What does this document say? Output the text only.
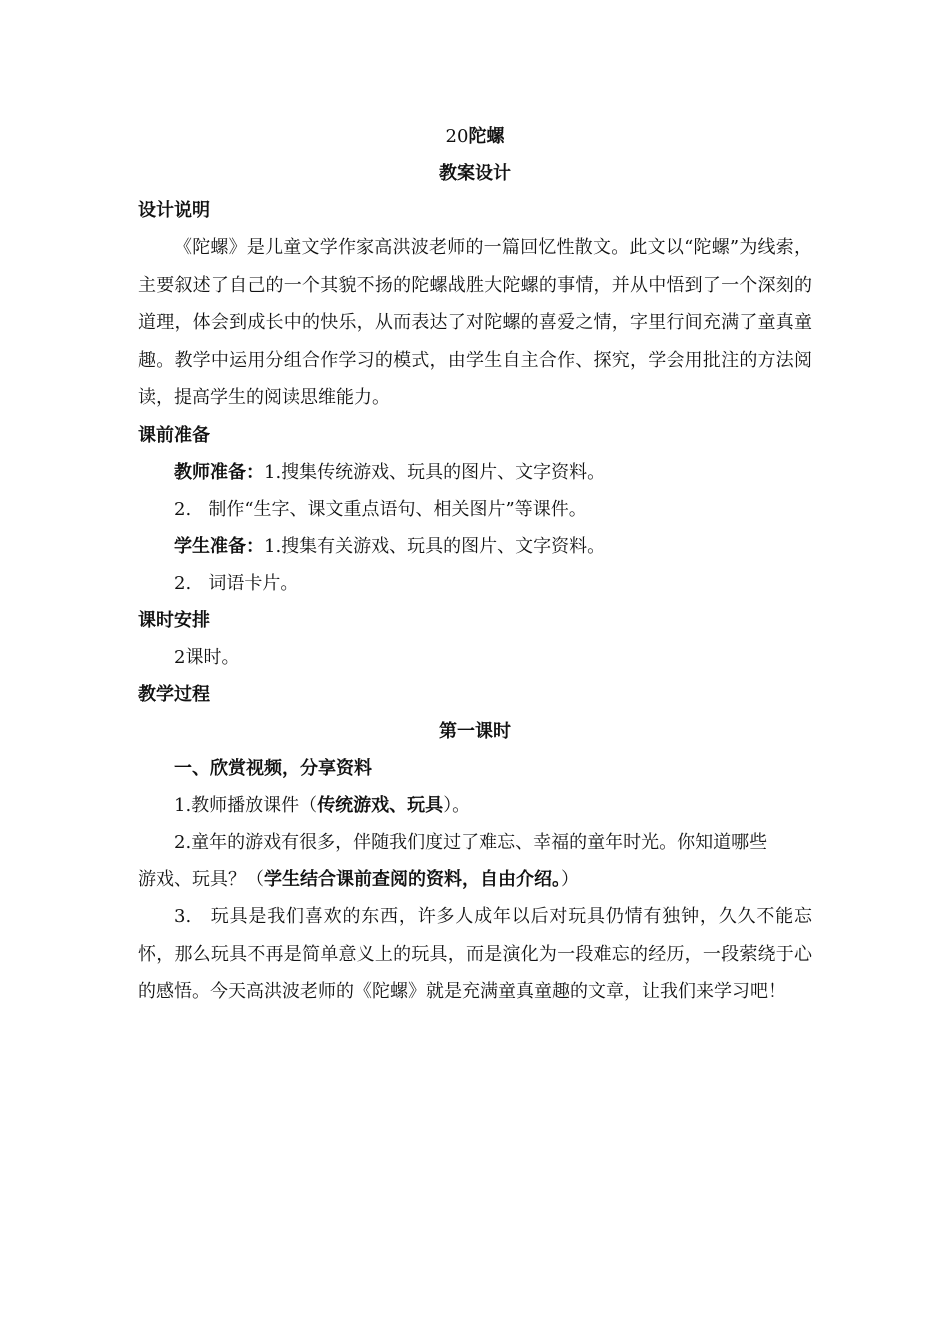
20陀螺
教案设计
设计说明

《陀螺》是儿童文学作家高洪波老师的一篇回忆性散文。此文以“陀螺”为线索，主要叙述了自己的一个其貌不扬的陀螺战胜大陀螺的事情，并从中悟到了一个深刻的道理，体会到成长中的快乐，从而表达了对陀螺的喜爱之情，字里行间充满了童真童趣。教学中运用分组合作学习的模式，由学生自主合作、探究，学会用批注的方法阅读，提高学生的阅读思维能力。

课前准备
教师准备：1.搜集传统游戏、玩具的图片、文字资料。
2.   制作“生字、课文重点语句、相关图片”等课件。
学生准备：1.搜集有关游戏、玩具的图片、文字资料。
2.   词语卡片。
课时安排
2课时。
教学过程
第一课时
一、欣赏视频，分享资料
1.教师播放课件（传统游戏、玩具）。
2.童年的游戏有很多，伴随我们度过了难忘、幸福的童年时光。你知道哪些
游戏、玩具？（学生结合课前查阅的资料，自由介绍。）

3.   玩具是我们喜欢的东西，许多人成年以后对玩具仍情有独钟，久久不能忘怀，那么玩具不再是简单意义上的玩具，而是演化为一段难忘的经历，一段萦绕于心的感悟。今天高洪波老师的《陀螺》就是充满童真童趣的文章，让我们来学习吧！
